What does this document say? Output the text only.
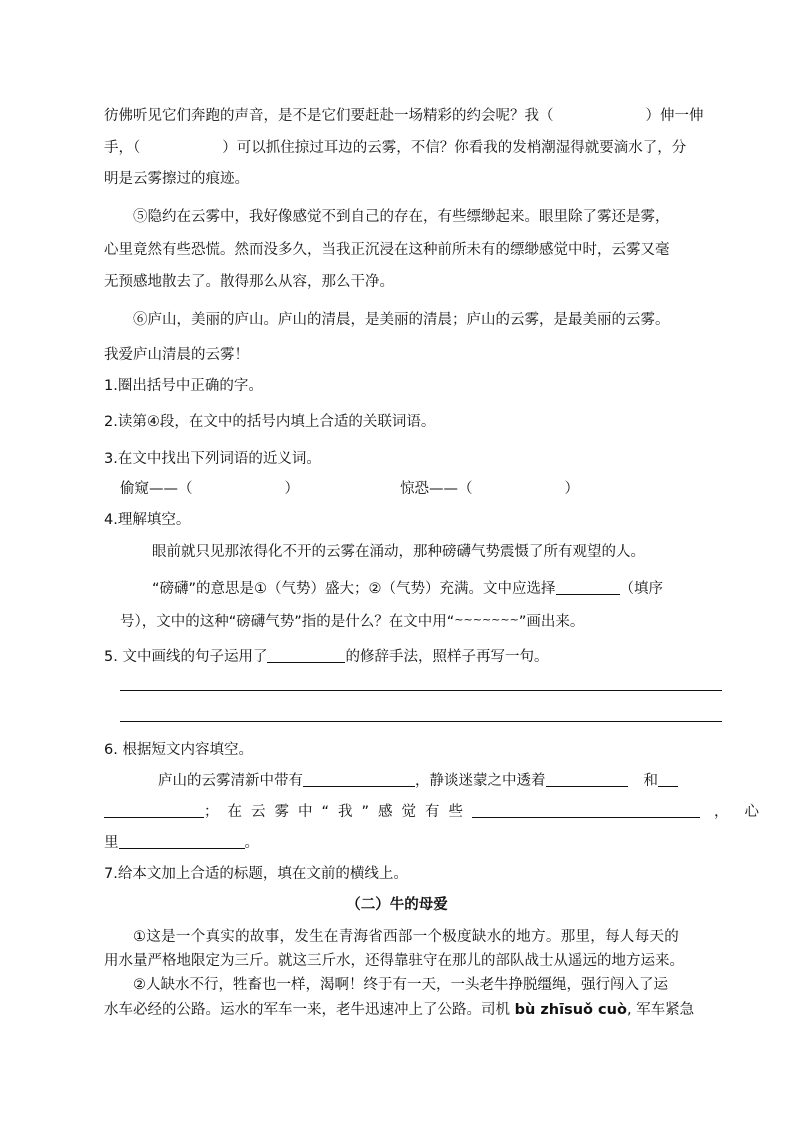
彷佛听见它们奔跑的声音，是不是它们要赶赴一场精彩的约会呢？我（	）伸一伸
手，（	）可以抓住掠过耳边的云雾，不信？你看我的发梢潮湿得就要滴水了，分
明是云雾擦过的痕迹。
⑤隐约在云雾中，我好像感觉不到自己的存在，有些缥缈起来。眼里除了雾还是雾，
心里竟然有些恐慌。然而没多久，当我正沉浸在这种前所未有的缥缈感觉中时，云雾又毫
无预感地散去了。散得那么从容，那么干净。
⑥庐山，美丽的庐山。庐山的清晨，是美丽的清晨；庐山的云雾，是最美丽的云雾。
我爱庐山清晨的云雾！
1.圈出括号中正确的字。
2.读第④段，在文中的括号内填上合适的关联词语。
3.在文中找出下列词语的近义词。
偷窥——（	）	惊恐——（	）
4.理解填空。
眼前就只见那浓得化不开的云雾在涌动，那种磅礴气势震慑了所有观望的人。
“磅礴”的意思是①（气势）盛大；②（气势）充满。文中应选择	（填序
号），文中的这种“磅礴气势”指的是什么？在文中用“~~~~~~~”画出来。
5. 文中画线的句子运用了	的修辞手法，照样子再写一句。
6. 根据短文内容填空。
庐山的云雾清新中带有	，静谈迷蒙之中透着	和
；在云雾中“我”感觉有些	，心
里	。
7.给本文加上合适的标题，填在文前的横线上。
（二）牛的母爱
①这是一个真实的故事，发生在青海省西部一个极度缺水的地方。那里，每人每天的
用水量严格地限定为三斤。就这三斤水，还得靠驻守在那儿的部队战士从遥远的地方运来。
②人缺水不行，牲畜也一样，渴啊！终于有一天，一头老牛挣脱缰绳，强行闯入了运
水车必经的公路。运水的军车一来，老牛迅速冲上了公路。司机 bù zhīsuǒ cuò, 军车紧急
